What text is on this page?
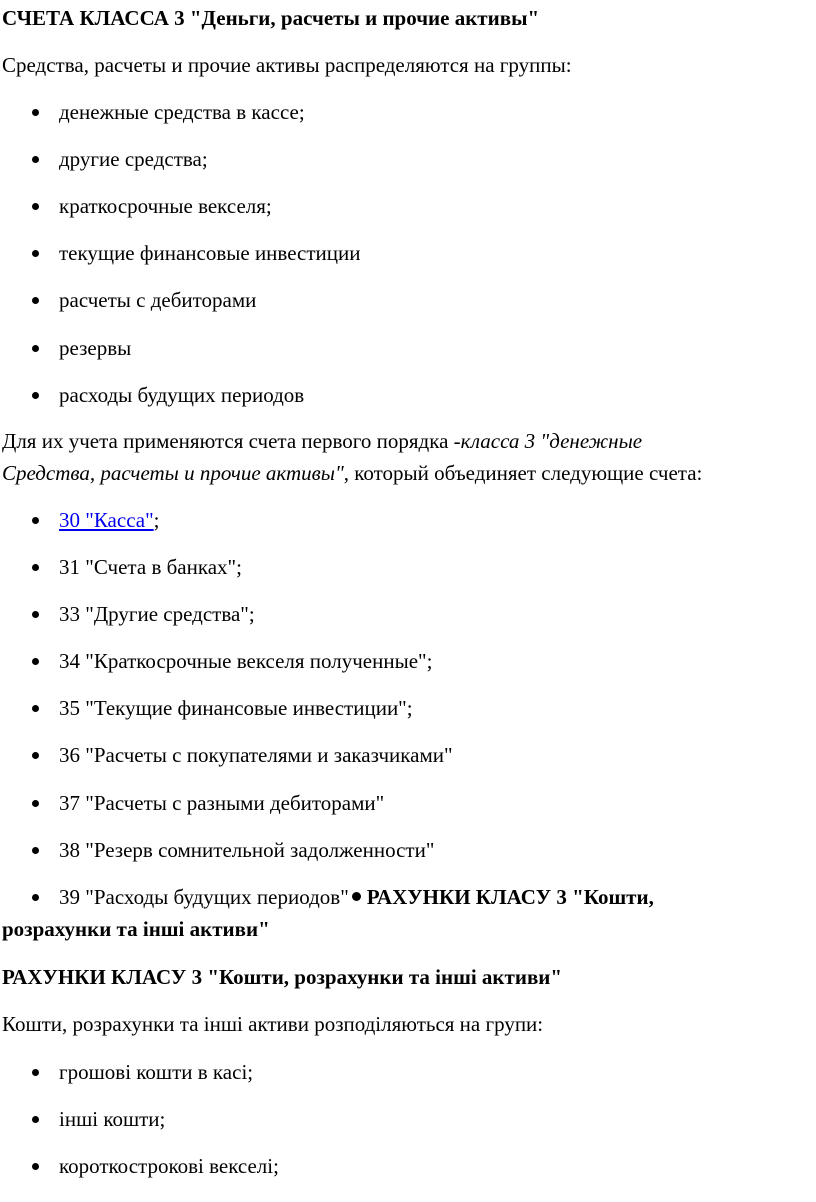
СЧЕТА КЛАССА 3 "Деньги, расчеты и прочие активы"
Средства, расчеты и прочие активы распределяются на группы:
денежные средства в кассе;
другие средства;
краткосрочные векселя;
текущие финансовые инвестиции
расчеты с дебиторами
резервы
расходы будущих периодов
Для их учета применяются счета первого порядка -класса 3 "денежные
Средства, расчеты и прочие активы", который объединяет следующие счета:
30 "Касса";
31 "Счета в банках";
33 "Другие средства";
34 "Краткосрочные векселя полученные";
35 "Текущие финансовые инвестиции";
36 "Расчеты с покупателями и заказчиками"
37 "Расчеты с разными дебиторами"
38 "Резерв сомнительной задолженности"
39 "Расходы будущих периодов" РАХУНКИ КЛАСУ 3 "Кошти,
розрахунки та інші активи"
РАХУНКИ КЛАСУ 3 "Кошти, розрахунки та інші активи"
Кошти, розрахунки та інші активи розподіляються на групи:
грошові кошти в касі;
інші кошти;
короткострокові векселі;
